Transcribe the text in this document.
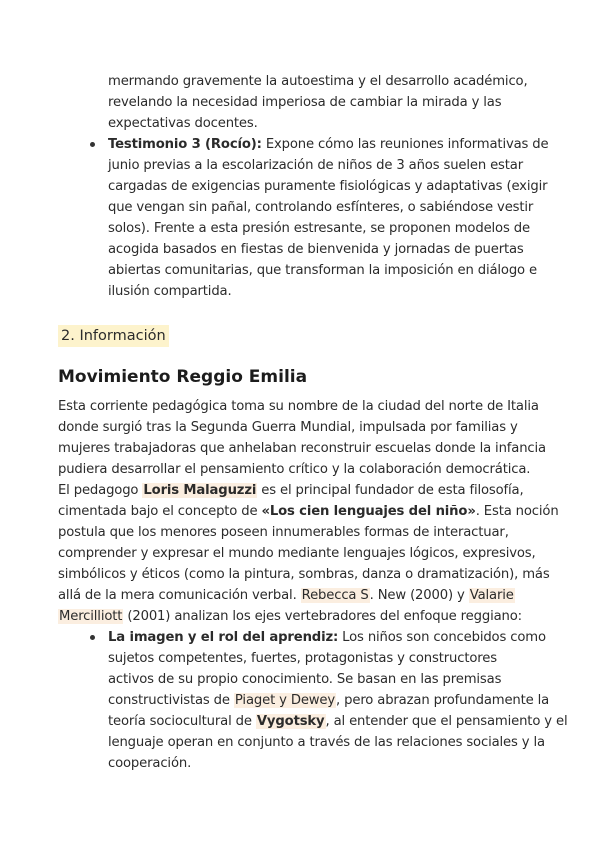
mermando gravemente la autoestima y el desarrollo académico,
revelando la necesidad imperiosa de cambiar la mirada y las
expectativas docentes.
Testimonio 3 (Rocío): Expone cómo las reuniones informativas de
junio previas a la escolarización de niños de 3 años suelen estar
cargadas de exigencias puramente fisiológicas y adaptativas (exigir
que vengan sin pañal, controlando esfínteres, o sabiéndose vestir
solos). Frente a esta presión estresante, se proponen modelos de
acogida basados en fiestas de bienvenida y jornadas de puertas
abiertas comunitarias, que transforman la imposición en diálogo e
ilusión compartida.
2. Información
Movimiento Reggio Emilia
Esta corriente pedagógica toma su nombre de la ciudad del norte de Italia
donde surgió tras la Segunda Guerra Mundial, impulsada por familias y
mujeres trabajadoras que anhelaban reconstruir escuelas donde la infancia
pudiera desarrollar el pensamiento crítico y la colaboración democrática.
El pedagogo Loris Malaguzzi es el principal fundador de esta filosofía,
cimentada bajo el concepto de «Los cien lenguajes del niño». Esta noción
postula que los menores poseen innumerables formas de interactuar,
comprender y expresar el mundo mediante lenguajes lógicos, expresivos,
simbólicos y éticos (como la pintura, sombras, danza o dramatización), más
allá de la mera comunicación verbal. Rebecca S. New (2000) y Valarie
Mercilliott (2001) analizan los ejes vertebradores del enfoque reggiano:
La imagen y el rol del aprendiz: Los niños son concebidos como
sujetos competentes, fuertes, protagonistas y constructores
activos de su propio conocimiento. Se basan en las premisas
constructivistas de Piaget y Dewey, pero abrazan profundamente la
teoría sociocultural de Vygotsky, al entender que el pensamiento y el
lenguaje operan en conjunto a través de las relaciones sociales y la
cooperación.
